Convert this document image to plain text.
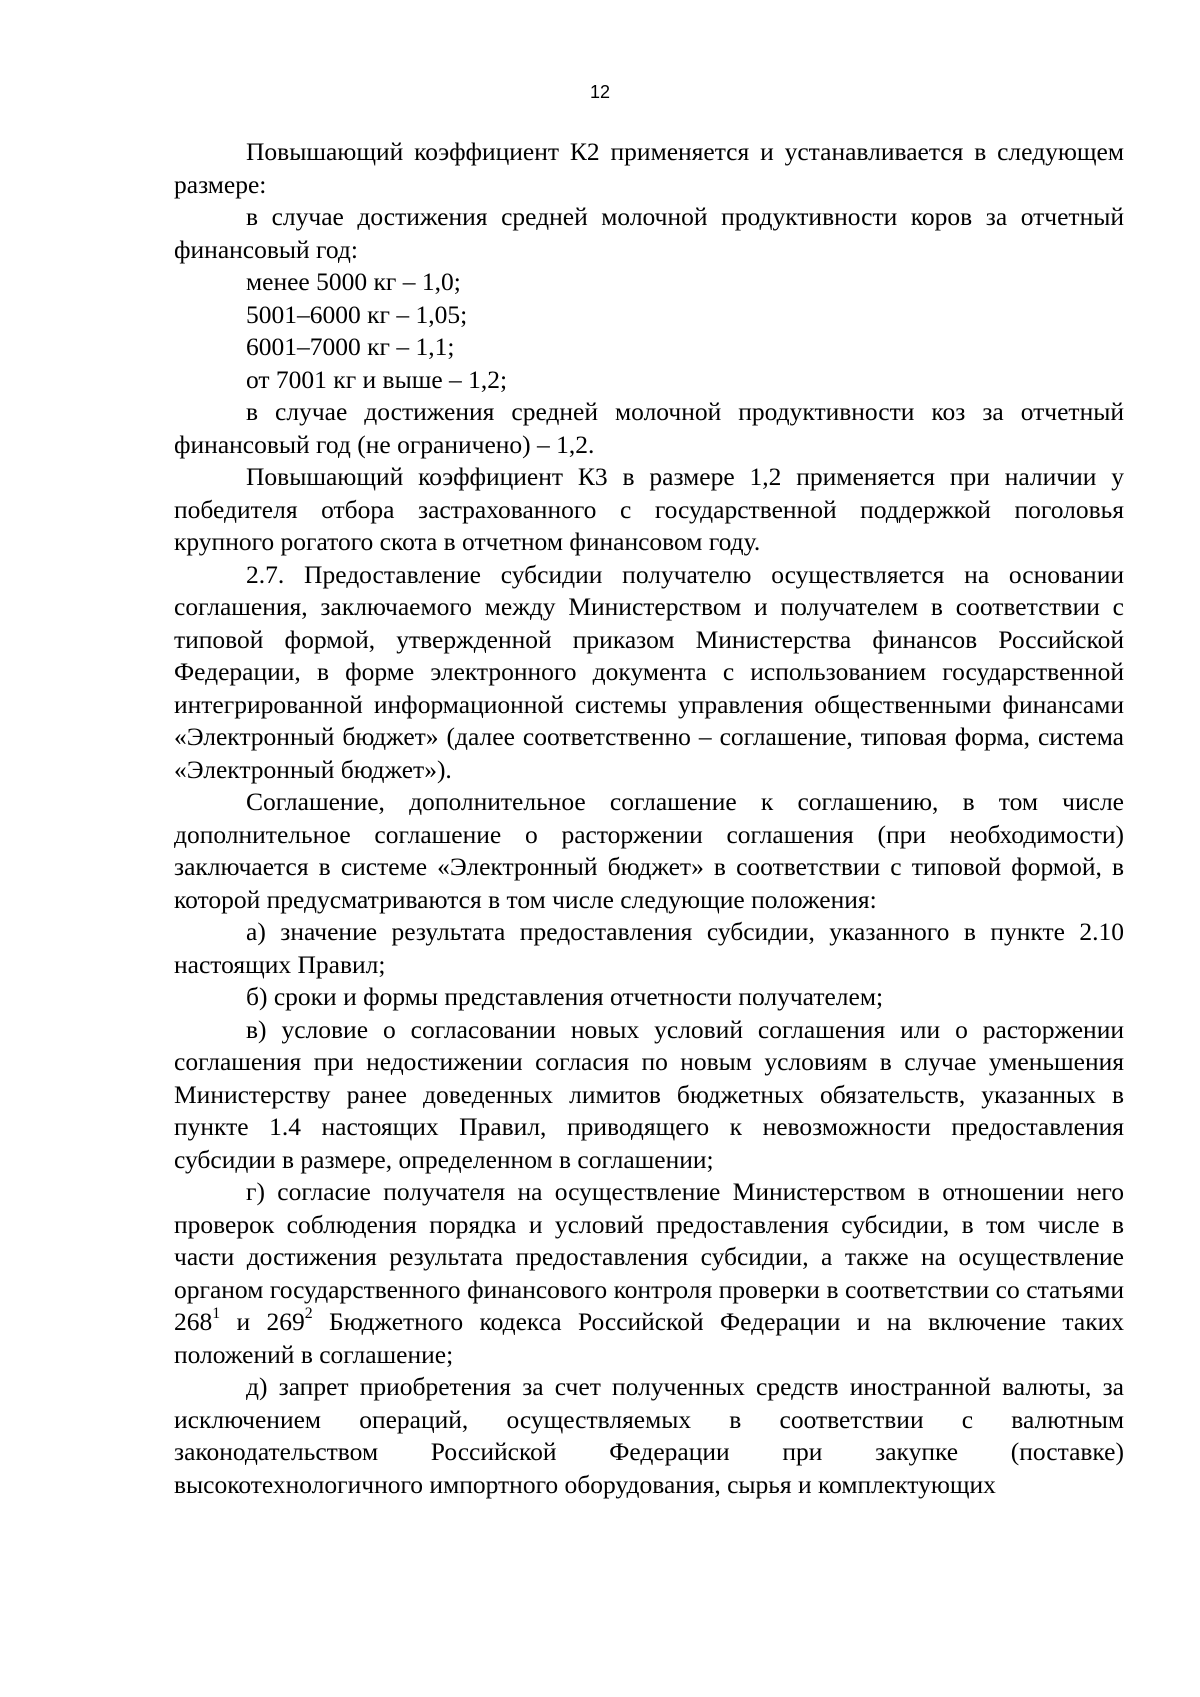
12

Повышающий коэффициент К2 применяется и устанавливается в следующем размере:

в случае достижения средней молочной продуктивности коров за отчетный финансовый год:

менее 5000 кг – 1,0;

5001–6000 кг – 1,05;

6001–7000 кг – 1,1;

от 7001 кг и выше – 1,2;

в случае достижения средней молочной продуктивности коз за отчетный финансовый год (не ограничено) – 1,2.

Повышающий коэффициент К3 в размере 1,2 применяется при наличии у победителя отбора застрахованного с государственной поддержкой поголовья крупного рогатого скота в отчетном финансовом году.

2.7. Предоставление субсидии получателю осуществляется на основании соглашения, заключаемого между Министерством и получателем в соответствии с типовой формой, утвержденной приказом Министерства финансов Российской Федерации, в форме электронного документа с использованием государственной интегрированной информационной системы управления общественными финансами «Электронный бюджет» (далее соответственно – соглашение, типовая форма, система «Электронный бюджет»).

Соглашение, дополнительное соглашение к соглашению, в том числе дополнительное соглашение о расторжении соглашения (при необходимости) заключается в системе «Электронный бюджет» в соответствии с типовой формой, в которой предусматриваются в том числе следующие положения:

а) значение результата предоставления субсидии, указанного в пункте 2.10 настоящих Правил;

б) сроки и формы представления отчетности получателем;

в) условие о согласовании новых условий соглашения или о расторжении соглашения при недостижении согласия по новым условиям в случае уменьшения Министерству ранее доведенных лимитов бюджетных обязательств, указанных в пункте 1.4 настоящих Правил, приводящего к невозможности предоставления субсидии в размере, определенном в соглашении;

г) согласие получателя на осуществление Министерством в отношении него проверок соблюдения порядка и условий предоставления субсидии, в том числе в части достижения результата предоставления субсидии, а также на осуществление органом государственного финансового контроля проверки в соответствии со статьями $268^1$ и $269^2$ Бюджетного кодекса Российской Федерации и на включение таких положений в соглашение;

д) запрет приобретения за счет полученных средств иностранной валюты, за исключением операций, осуществляемых в соответствии с валютным законодательством Российской Федерации при закупке (поставке) высокотехнологичного импортного оборудования, сырья и комплектующих
